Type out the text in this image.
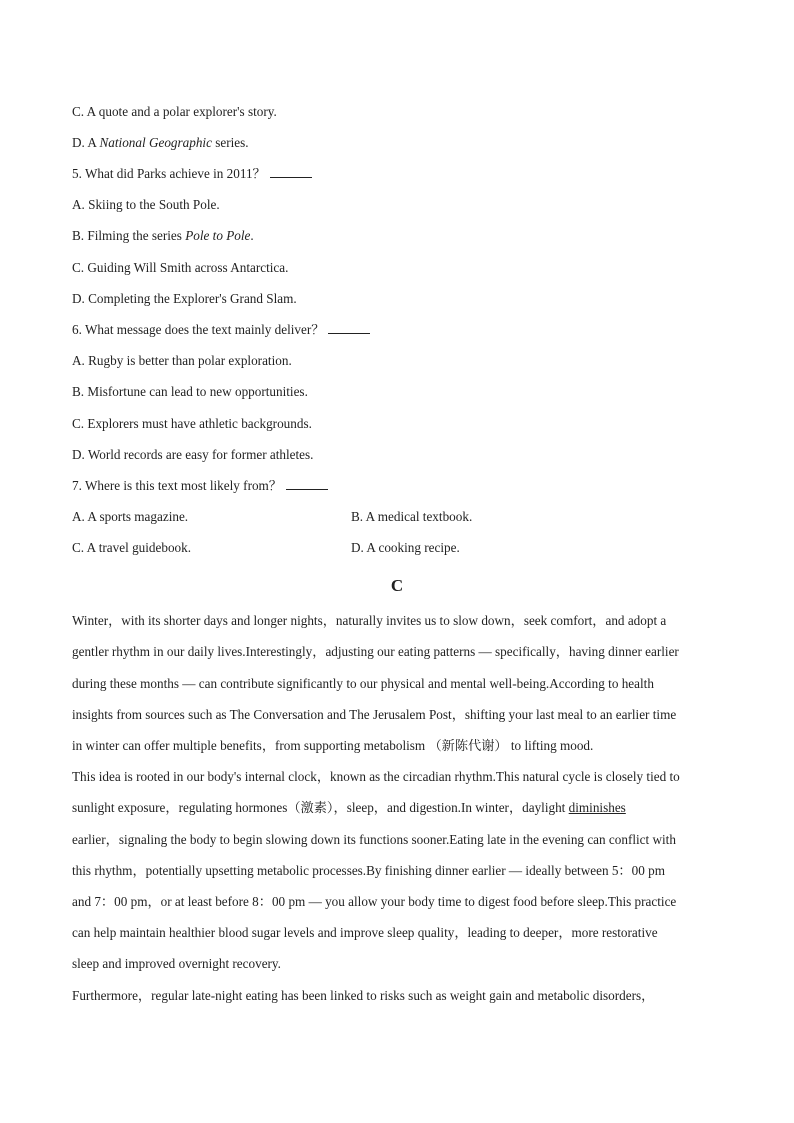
C. A quote and a polar explorer's story.
D. A National Geographic series.
5. What did Parks achieve in 2011？
A. Skiing to the South Pole.
B. Filming the series Pole to Pole.
C. Guiding Will Smith across Antarctica.
D. Completing the Explorer's Grand Slam.
6. What message does the text mainly deliver？
A. Rugby is better than polar exploration.
B. Misfortune can lead to new opportunities.
C. Explorers must have athletic backgrounds.
D. World records are easy for former athletes.
7. Where is this text most likely from？
A. A sports magazine.	B. A medical textbook.
C. A travel guidebook.	D. A cooking recipe.
C
Winter，with its shorter days and longer nights，naturally invites us to slow down，seek comfort，and adopt a
gentler rhythm in our daily lives.Interestingly，adjusting our eating patterns — specifically，having dinner earlier
during these months — can contribute significantly to our physical and mental well-being.According to health
insights from sources such as The Conversation and The Jerusalem Post，shifting your last meal to an earlier time
in winter can offer multiple benefits，from supporting metabolism （新陈代谢） to lifting mood.
This idea is rooted in our body's internal clock，known as the circadian rhythm.This natural cycle is closely tied to
sunlight exposure，regulating hormones（激素），sleep，and digestion.In winter，daylight diminishes
earlier，signaling the body to begin slowing down its functions sooner.Eating late in the evening can conflict with
this rhythm，potentially upsetting metabolic processes.By finishing dinner earlier — ideally between 5：00 pm
and 7：00 pm，or at least before 8：00 pm — you allow your body time to digest food before sleep.This practice
can help maintain healthier blood sugar levels and improve sleep quality，leading to deeper，more restorative
sleep and improved overnight recovery.
Furthermore，regular late-night eating has been linked to risks such as weight gain and metabolic disorders，
